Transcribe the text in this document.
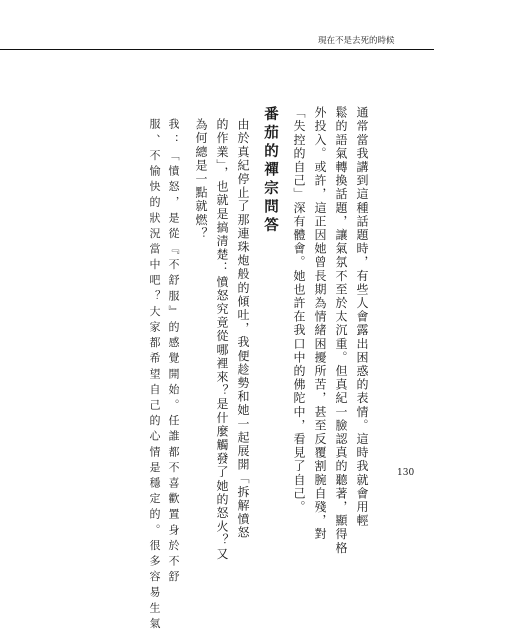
現在不是去死的時候
通常當我講到這種話題時，有些人會露出困惑的表情。這時我就會用輕
鬆的語氣轉換話題，讓氣氛不至於太沉重。但真紀一臉認真的聽著，顯得格
外投入。或許，這正因她曾長期為情緒困擾所苦，甚至反覆割腕自殘，對
「失控的自己」深有體會。她也許在我口中的佛陀中，看見了自己。
番茄的禪宗問答
由於真紀停止了那連珠炮般的傾吐，我便趁勢和她一起展開「拆解憤怒
的作業」，也就是搞清楚：憤怒究竟從哪裡來？是什麼觸發了她的怒火？又
為何總是一點就燃？
我：「憤怒，是從『不舒服』的感覺開始。任誰都不喜歡置身於不舒
服、不愉快的狀況當中吧？大家都希望自己的心情是穩定的。很多容易生氣	130
